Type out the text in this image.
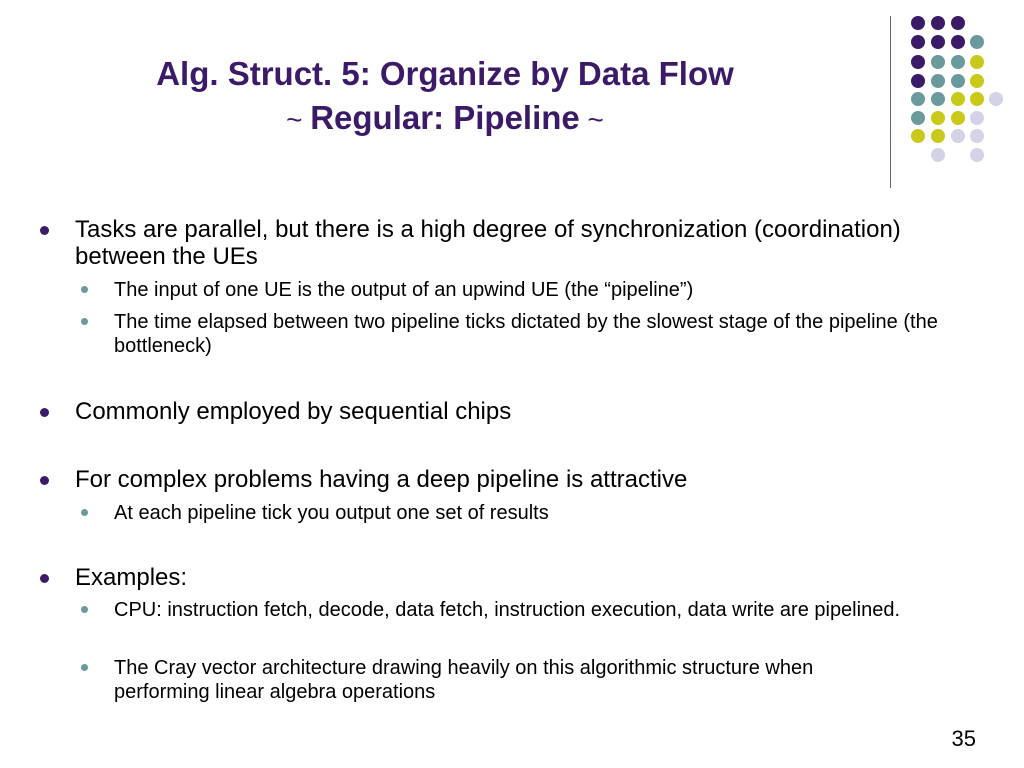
Alg. Struct. 5: Organize by Data Flow
~ Regular: Pipeline ~
Tasks are parallel, but there is a high degree of synchronization (coordination) between the UEs
The input of one UE is the output of an upwind UE (the “pipeline”)
The time elapsed between two pipeline ticks dictated by the slowest stage of the pipeline (the bottleneck)
Commonly employed by sequential chips
For complex problems having a deep pipeline is attractive
At each pipeline tick you output one set of results
Examples:
CPU: instruction fetch, decode, data fetch, instruction execution, data write are pipelined.
The Cray vector architecture drawing heavily on this algorithmic structure when performing linear algebra operations
35
